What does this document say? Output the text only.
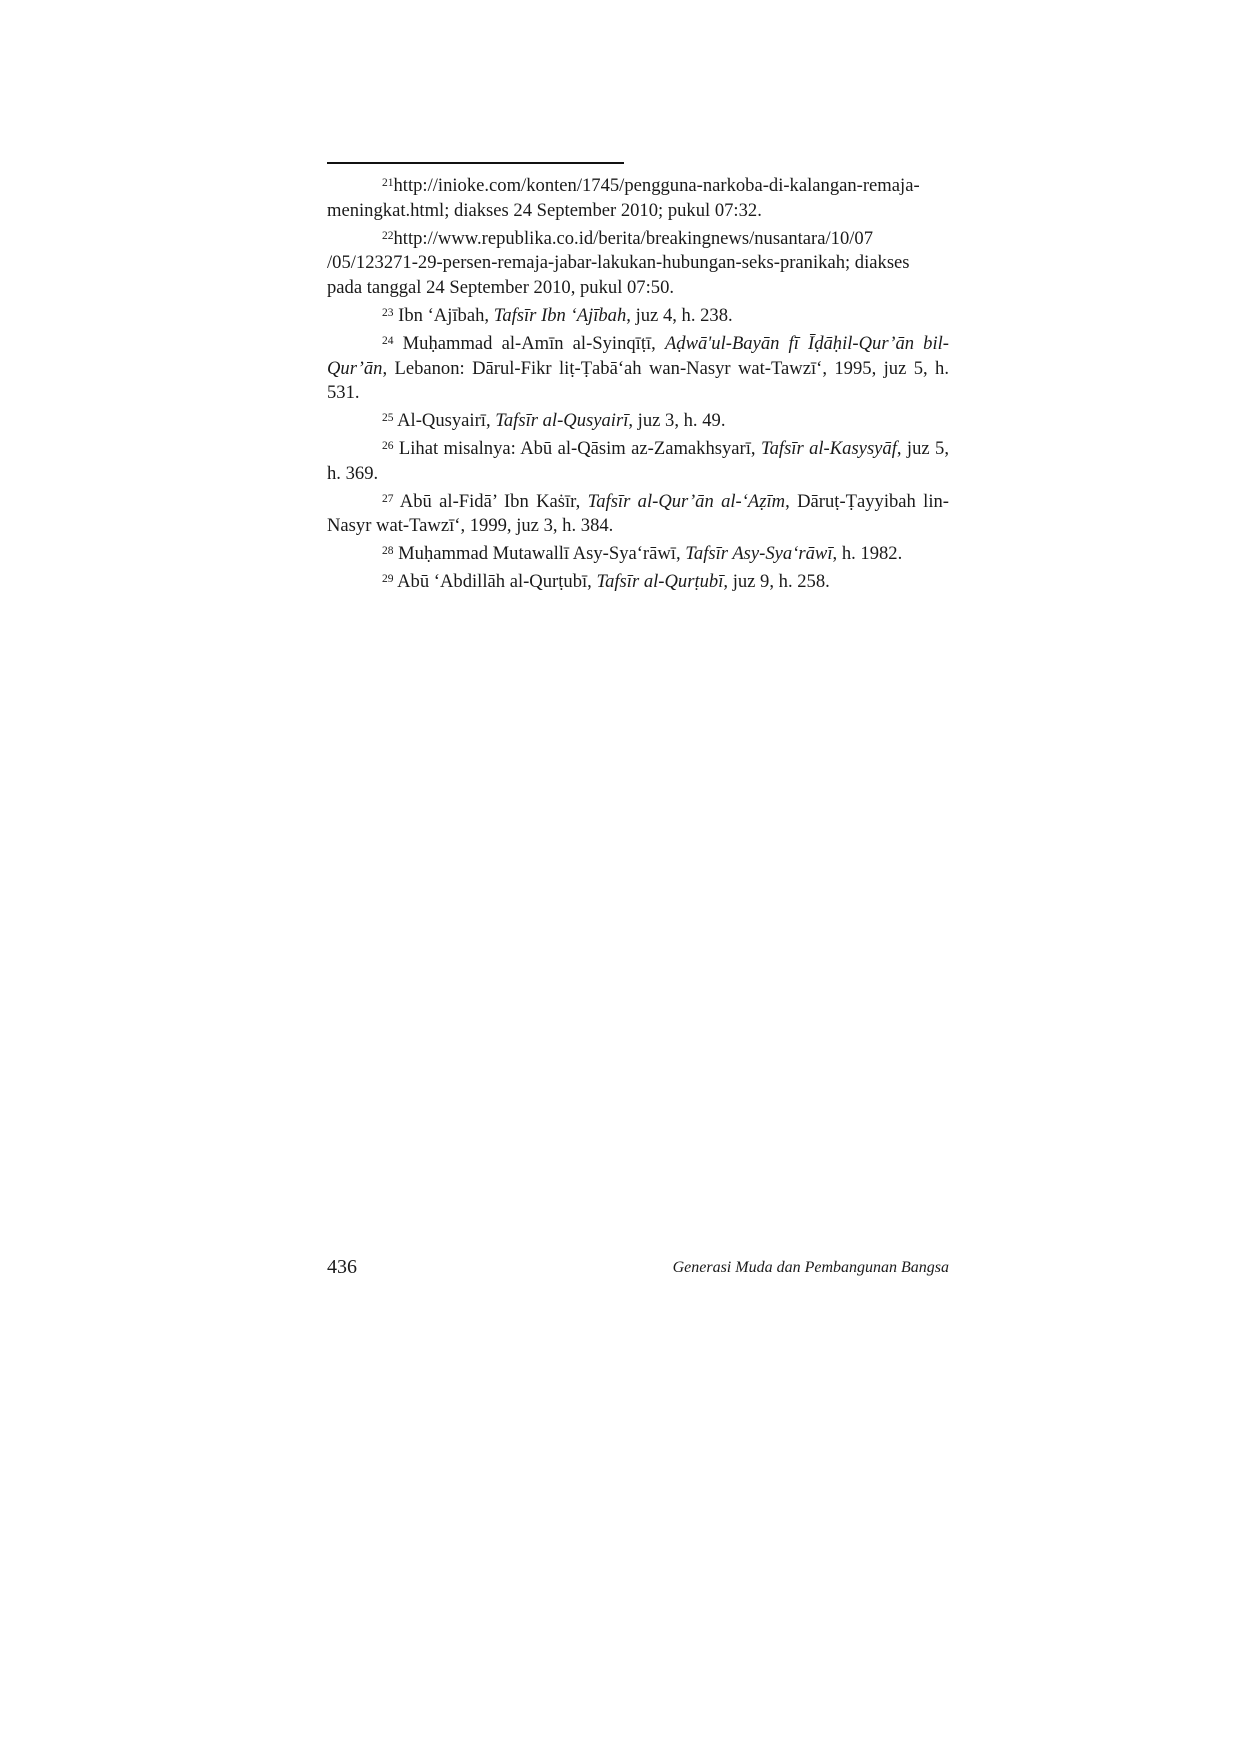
$^{21}$http://inioke.com/konten/1745/pengguna-narkoba-di-kalangan-remaja-meningkat.html; diakses 24 September 2010; pukul 07:32.

$^{22}$http://www.republika.co.id/berita/breakingnews/nusantara/10/07 /05/123271-29-persen-remaja-jabar-lakukan-hubungan-seks-pranikah; diakses pada tanggal 24 September 2010, pukul 07:50.

$^{23}$ Ibn ‘Ajībah, Tafsīr Ibn ‘Ajībah, juz 4, h. 238.

$^{24}$ Muḥammad al-Amīn al-Syinqīṭī, Aḍwā'ul-Bayān fī Īḍāḥil-Qur’ān bil-Qur’ān, Lebanon: Dārul-Fikr liṭ-Ṭabā‘ah wan-Nasyr wat-Tawzī‘, 1995, juz 5, h. 531.

$^{25}$ Al-Qusyairī, Tafsīr al-Qusyairī, juz 3, h. 49.

$^{26}$ Lihat misalnya: Abū al-Qāsim az-Zamakhsyarī, Tafsīr al-Kasysyāf, juz 5, h. 369.

$^{27}$ Abū al-Fidā’ Ibn Kaṡīr, Tafsīr al-Qur’ān al-‘Aẓīm, Dāruṭ-Ṭayyibah lin-Nasyr wat-Tawzī‘, 1999, juz 3, h. 384.

$^{28}$ Muḥammad Mutawallī Asy-Sya‘rāwī, Tafsīr Asy-Sya‘rāwī, h. 1982.

$^{29}$ Abū ‘Abdillāh al-Qurṭubī, Tafsīr al-Qurṭubī, juz 9, h. 258.

436	Generasi Muda dan Pembangunan Bangsa
